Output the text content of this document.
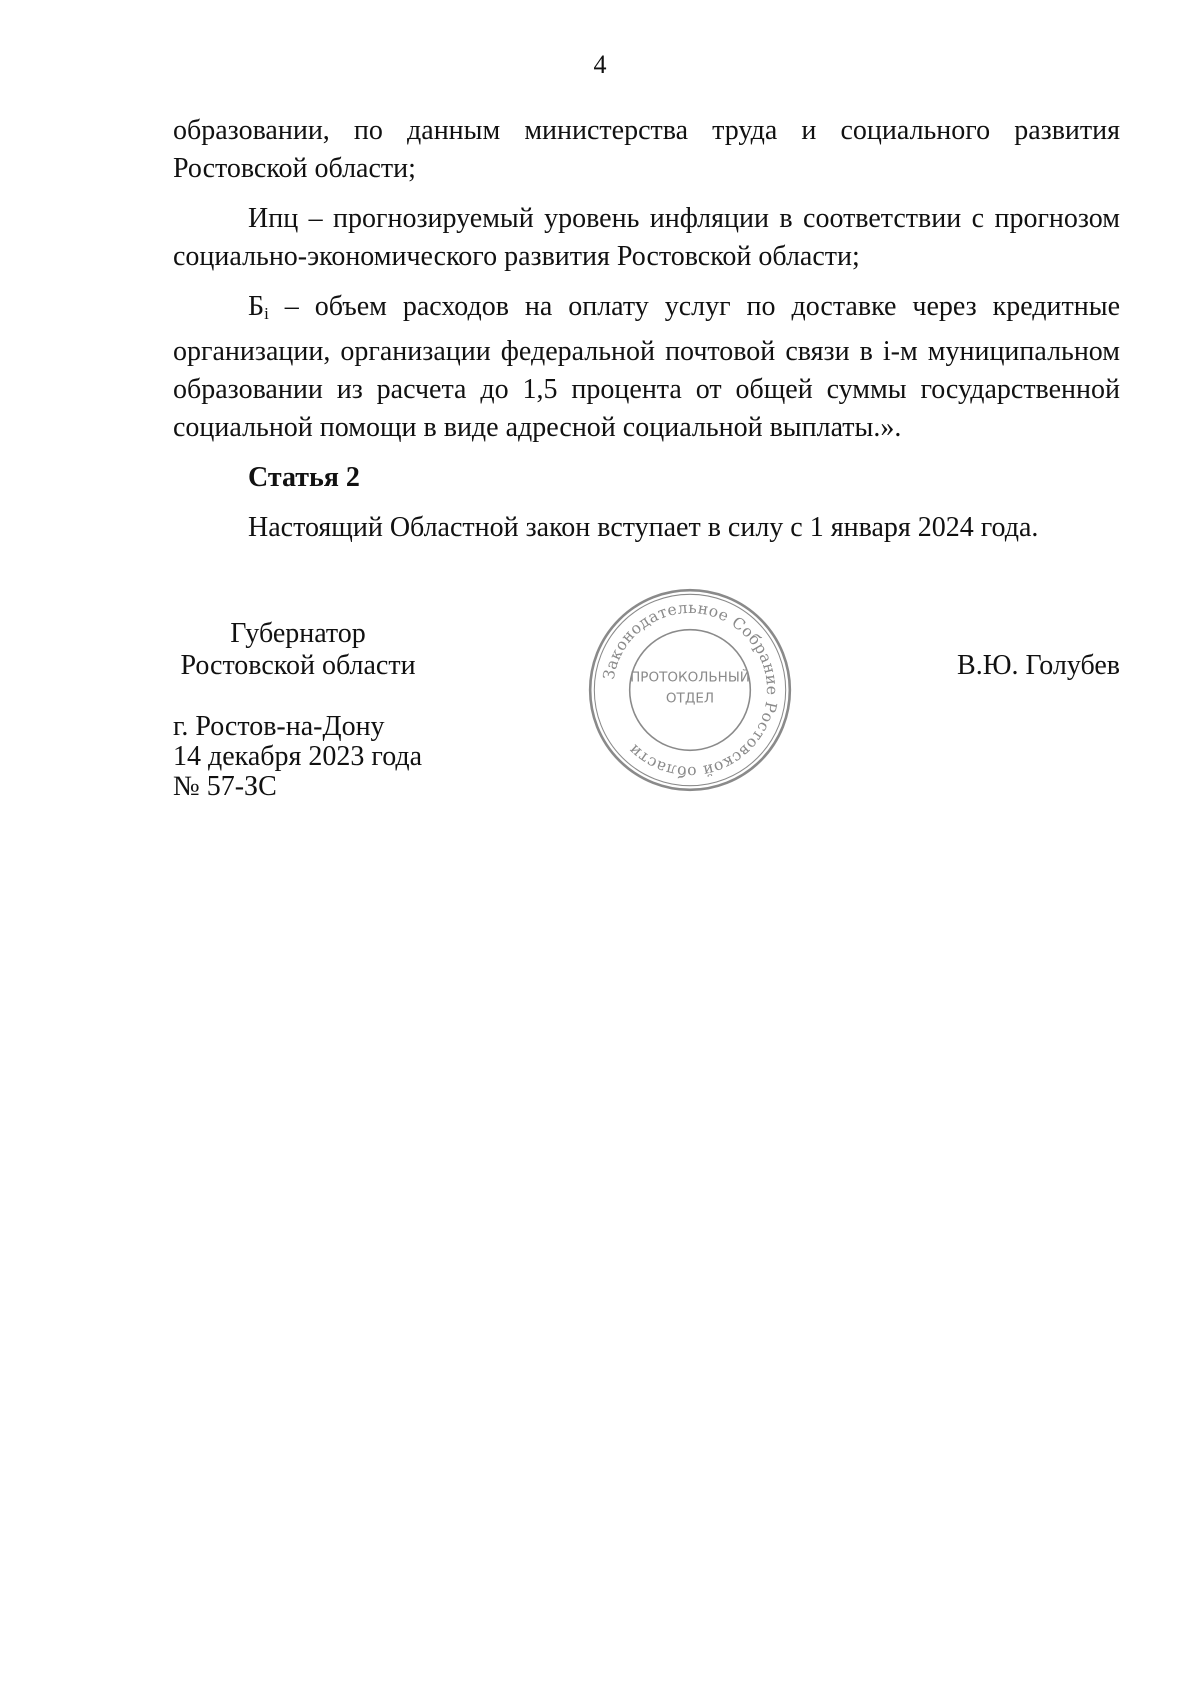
4

образовании, по данным министерства труда и социального развития Ростовской области;

Ипц – прогнозируемый уровень инфляции в соответствии с прогнозом социально-экономического развития Ростовской области;

$Б_i$ – объем расходов на оплату услуг по доставке через кредитные организации, организации федеральной почтовой связи в i-м муниципальном образовании из расчета до 1,5 процента от общей суммы государственной социальной помощи в виде адресной социальной выплаты.».

Статья 2

Настоящий Областной закон вступает в силу с 1 января 2024 года.

Губернатор
Ростовской области	В.Ю. Голубев
г. Ростов-на-Дону
14 декабря 2023 года
№ 57-ЗС
Законодательное Собрание Ростовской области
ПРОТОКОЛЬНЫЙ
ОТДЕЛ
